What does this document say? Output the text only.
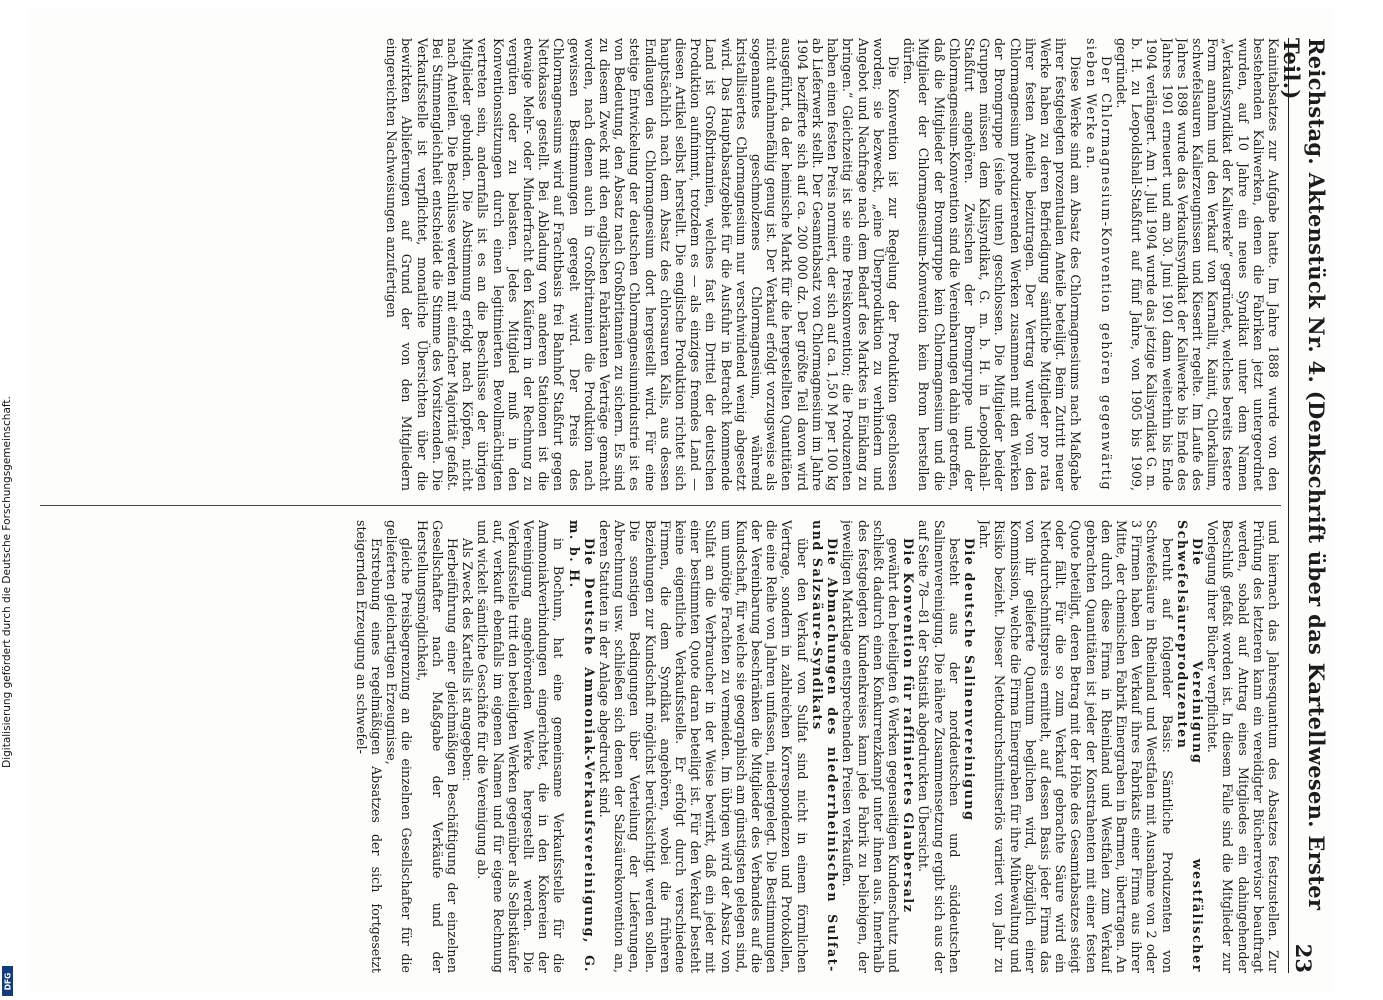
Reichstag. Aktenstück Nr. 4. (Denkschrift über das Kartellwesen. Erster Teil.)
23

Kainitabsatzes zur Aufgabe hatte. Im Jahre 1888 wurde von den bestehenden Kaliwerken, denen die Fabriken jetzt untergeordnet wurden, auf 10 Jahre ein neues Syndikat unter dem Namen „Verkaufssyndikat der Kaliwerke“ gegründet, welches bereits festere Form annahm und den Verkauf von Karnallit, Kainit, Chlorkalium, schwefelsauren Kalierzeugnissen und Kieserit regelte. Im Laufe des Jahres 1898 wurde das Verkaufssyndikat der Kaliwerke bis Ende des Jahres 1901 erneuert und am 30. Juni 1901 dann weiterhin bis Ende 1904 verlängert. Am 1. Juli 1904 wurde das jetzige Kalisyndikat G. m. b. H. zu Leopoldshall-Staßfurt auf fünf Jahre, von 1905 bis 1909, gegründet.

Der Chlormagnesium-Konvention gehören gegenwärtig sieben Werke an.

Diese Werke sind am Absatz des Chlormagnesiums nach Maßgabe ihrer festgelegten prozentualen Anteile beteiligt. Beim Zutritt neuer Werke haben zu deren Befriedigung sämtliche Mitglieder pro rata ihrer festen Anteile beizutragen. Der Vertrag wurde von den Chlormagnesium produzierenden Werken zusammen mit den Werken der Bromgruppe (siehe unten) geschlossen. Die Mitglieder beider Gruppen müssen dem Kalisyndikat, G. m. b. H. in Leopoldshall-Staßfurt angehören. Zwischen der Bromgruppe und der Chlormagnesium-Konvention sind die Vereinbarungen dahin getroffen, daß die Mitglieder der Bromgruppe kein Chlormagnesium und die Mitglieder der Chlormagnesium-Konvention kein Brom herstellen dürfen.

Die Konvention ist zur Regelung der Produktion geschlossen worden; sie bezweckt, „eine Überproduktion zu verhindern und Angebot und Nachfrage nach dem Bedarf des Marktes in Einklang zu bringen.“ Gleichzeitig ist sie eine Preiskonvention; die Produzenten haben einen festen Preis normiert, der sich auf ca. 1,50 M per 100 kg ab Lieferwerk stellt. Der Gesamtabsatz von Chlormagnesium im Jahre 1904 bezifferte sich auf ca. 200 000 dz. Der größte Teil davon wird ausgeführt, da der heimische Markt für die hergestellten Quantitäten nicht aufnahmefähig genug ist. Der Verkauf erfolgt vorzugsweise als sogenanntes geschmolzenes Chlormagnesium, während kristallisiertes Chlormagnesium nur verschwindend wenig abgesetzt wird. Das Hauptabsatzgebiet für die Ausfuhr in Betracht kommende Land ist Großbritannien, welches fast ein Drittel der deutschen Produktion aufnimmt, trotzdem es — als einziges fremdes Land — diesen Artikel selbst herstellt. Die englische Produktion richtet sich hauptsächlich nach dem Absatz des chlorsauren Kalis, aus dessen Endlaugen das Chlormagnesium dort hergestellt wird. Für eine stetige Entwickelung der deutschen Chlormagnesiumindustrie ist es von Bedeutung, den Absatz nach Großbritannien zu sichern. Es sind zu diesem Zweck mit den englischen Fabrikanten Verträge gemacht worden, nach denen auch in Großbritannien die Produktion nach gewissen Bestimmungen geregelt wird. Der Preis des Chlormagnesiums wird auf Frachtbasis frei Bahnhof Staßfurt gegen Nettokasse gestellt. Bei Abladung von anderen Stationen ist die etwaige Mehr- oder Minderfracht den Käufern in der Rechnung zu vergüten oder zu belasten. Jedes Mitglied muß in den Konventionssitzungen durch einen legitimierten Bevollmächtigten vertreten sein, andernfalls ist es an die Beschlüsse der übrigen Mitglieder gebunden. Die Abstimmung erfolgt nach Köpfen, nicht nach Anteilen. Die Beschlüsse werden mit einfacher Majorität gefaßt. Bei Stimmengleichheit entscheidet die Stimme des Vorsitzenden. Die Verkaufsstelle ist verpflichtet, monatliche Übersichten über die bewirkten Ablieferungen auf Grund der von den Mitgliedern eingereichten Nachweisungen anzufertigen

und hiernach das Jahresquantum des Absatzes festzustellen. Zur Prüfung des letzteren kann ein vereidigter Bücherrevisor beauftragt werden, sobald auf Antrag eines Mitgliedes ein dahingehender Beschluß gefaßt worden ist. In diesem Falle sind die Mitglieder zur Vorlegung ihrer Bücher verpflichtet.

Die Vereinigung westfälischer Schwefelsäureproduzenten

beruht auf folgender Basis: Sämtliche Produzenten von Schwefelsäure in Rheinland und Westfalen mit Ausnahme von 2 oder 3 Firmen haben den Verkauf ihres Fabrikats einer Firma aus ihrer Mitte, der chemischen Fabrik Einergraben in Barmen, übertragen. An den durch diese Firma in Rheinland und Westfalen zum Verkauf gebrachten Quantitäten ist jeder der Konstrahenten mit einer festen Quote beteiligt, deren Betrag mit der Höhe des Gesamtabsatzes steigt oder fällt. Für die so zum Verkauf gebrachte Säure wird ein Nettodurchschnittspreis ermittelt, auf dessen Basis jeder Firma das von ihr gelieferte Quantum beglichen wird, abzüglich einer Kommission, welche die Firma Einergraben für ihre Mühewaltung und Risiko bezieht. Dieser Nettodurchschnittserlös variiert von Jahr zu Jahr.

Die deutsche Salinenvereinigung

besteht aus der norddeutschen und süddeutschen Salinenvereinigung. Die nähere Zusammensetzung ergibt sich aus der auf Seite 78—81 der Statistik abgedruckten Übersicht.

Die Konvention für raffiniertes Glaubersalz

gewährt den beteiligten 6 Werken gegenseitigen Kundenschutz und schließt dadurch einen Konkurrenzkampf unter ihnen aus. Innerhalb des festgelegten Kundenkreises kann jede Fabrik zu beliebigen, der jeweiligen Marktlage entsprechenden Preisen verkaufen.

Die Abmachungen des niederrheinischen Sulfat- und Salzsäure-Syndikats

über den Verkauf von Sulfat sind nicht in einem förmlichen Vertrage, sondern in zahlreichen Korrespondenzen und Protokollen, die eine Reihe von Jahren umfassen, niedergelegt. Die Bestimmungen der Vereinbarung beschränken die Mitglieder des Verbandes auf die Kundschaft, für welche sie geographisch am günstigsten gelegen sind, um unnötige Frachten zu vermeiden. Im übrigen wird der Absatz von Sulfat an die Verbraucher in der Weise bewirkt, daß ein jeder mit einer bestimmten Quote daran beteiligt ist. Für den Verkauf besteht keine eigentliche Verkaufsstelle. Er erfolgt durch verschiedene Firmen, die dem Syndikat angehören, wobei die früheren Beziehungen zur Kundschaft möglichst berücksichtigt werden sollen. Die sonstigen Bedingungen über Verteilung der Lieferungen, Abrechnung usw. schließen sich denen der Salzsäurekonvention an, deren Statuten in der Anlage abgedruckt sind.

Die Deutsche Ammoniak-Verkaufsvereinigung, G. m. b. H.

in Bochum, hat eine gemeinsame Verkaufsstelle für die Ammoniakverbindungen eingerichtet, die in den Kokereien der Vereinigung angehörenden Werke hergestellt werden. Die Verkaufsstelle tritt den beteiligten Werken gegenüber als Selbstkäufer auf, verkauft ebenfalls im eigenen Namen und für eigene Rechnung und wickelt sämtliche Geschäfte für die Vereinigung ab.

Als Zweck des Kartells ist angegeben:

Herbeiführung einer gleichmäßigen Beschäftigung der einzelnen Gesellschafter nach Maßgabe der Verkäufe und der Herstellungsmöglichkeit,
gleiche Preisbegrenzung an die einzelnen Gesellschafter für die gelieferten gleichartigen Erzeugnisse,
Erstrebung eines regelmäßigen Absatzes der sich fortgesetzt steigernden Erzeugung an schwefel-
Digitalisierung gefördert durch die Deutsche Forschungsgemeinschaft.
DFG
